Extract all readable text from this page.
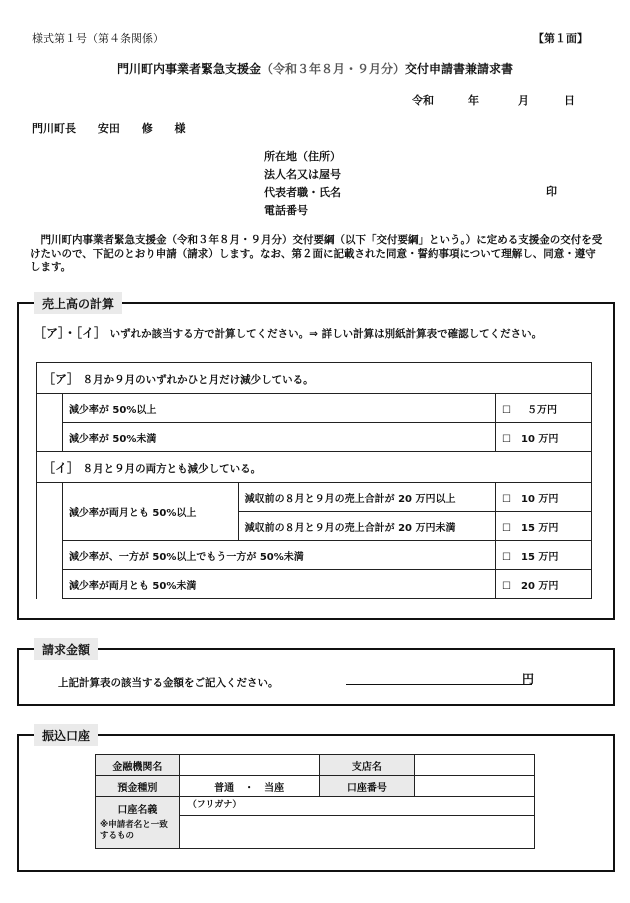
様式第１号（第４条関係）	【第１面】
門川町内事業者緊急支援金（令和３年８月・９月分）交付申請書兼請求書
令和	年	月	日
門川町長 安田 修 様
所在地（住所）
法人名又は屋号
代表者職・氏名
電話番号
印
門川町内事業者緊急支援金（令和３年８月・９月分）交付要綱（以下「交付要綱」という。）に定める支援金の交付を受けたいので、下記のとおり申請（請求）します。なお、第２面に記載された同意・誓約事項について理解し、同意・遵守します。
売上高の計算
［ア］・［イ］ いずれか該当する方で計算してください。⇒ 詳しい計算は別紙計算表で確認してください。
［ア］ ８月か９月のいずれかひと月だけ減少している。			
	減少率が 50%以上		☐ ５万円
	減少率が 50%未満		☐ 10 万円
［イ］ ８月と９月の両方とも減少している。			
	減少率が両月とも 50%以上	減収前の８月と９月の売上合計が 20 万円以上	☐ 10 万円
		減収前の８月と９月の売上合計が 20 万円未満	☐ 15 万円
	減少率が、一方が 50%以上でもう一方が 50%未満		☐ 15 万円
	減少率が両月とも 50%未満		☐ 20 万円
請求金額
上記計算表の該当する金額をご記入ください。	円
振込口座
金融機関名		支店名	
預金種別	普通　・　当座	口座番号	

口座名義
※申請者名と一致するもの	（フリガナ）		
